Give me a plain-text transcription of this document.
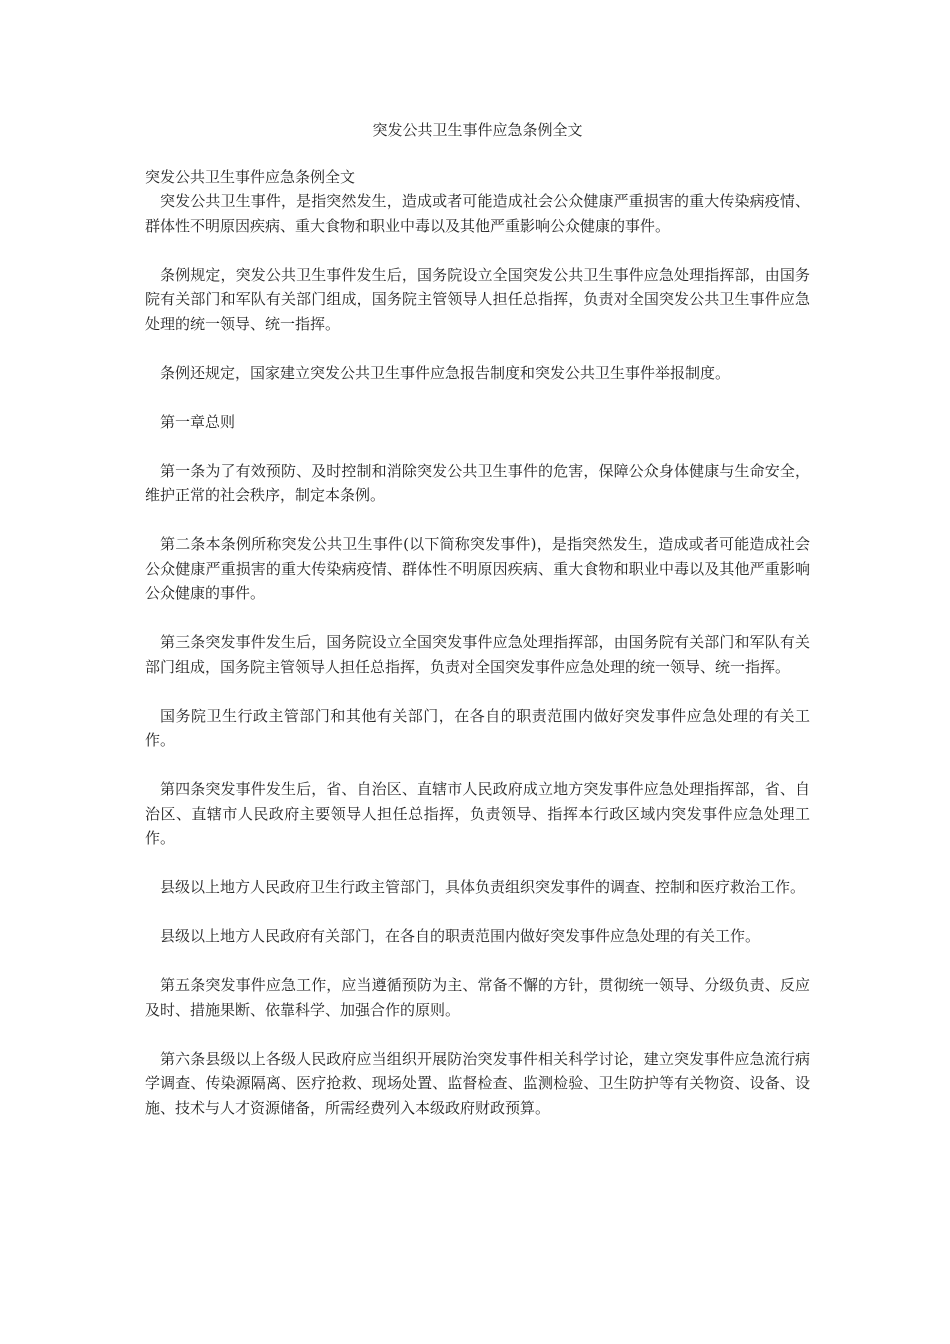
突发公共卫生事件应急条例全文
突发公共卫生事件应急条例全文

突发公共卫生事件，是指突然发生，造成或者可能造成社会公众健康严重损害的重大传染病疫情、群体性不明原因疾病、重大食物和职业中毒以及其他严重影响公众健康的事件。

条例规定，突发公共卫生事件发生后，国务院设立全国突发公共卫生事件应急处理指挥部，由国务院有关部门和军队有关部门组成，国务院主管领导人担任总指挥，负责对全国突发公共卫生事件应急处理的统一领导、统一指挥。

条例还规定，国家建立突发公共卫生事件应急报告制度和突发公共卫生事件举报制度。

第一章总则

第一条为了有效预防、及时控制和消除突发公共卫生事件的危害，保障公众身体健康与生命安全，维护正常的社会秩序，制定本条例。

第二条本条例所称突发公共卫生事件(以下简称突发事件)，是指突然发生，造成或者可能造成社会公众健康严重损害的重大传染病疫情、群体性不明原因疾病、重大食物和职业中毒以及其他严重影响公众健康的事件。

第三条突发事件发生后，国务院设立全国突发事件应急处理指挥部，由国务院有关部门和军队有关部门组成，国务院主管领导人担任总指挥，负责对全国突发事件应急处理的统一领导、统一指挥。

国务院卫生行政主管部门和其他有关部门，在各自的职责范围内做好突发事件应急处理的有关工作。

第四条突发事件发生后，省、自治区、直辖市人民政府成立地方突发事件应急处理指挥部，省、自治区、直辖市人民政府主要领导人担任总指挥，负责领导、指挥本行政区域内突发事件应急处理工作。

县级以上地方人民政府卫生行政主管部门，具体负责组织突发事件的调查、控制和医疗救治工作。

县级以上地方人民政府有关部门，在各自的职责范围内做好突发事件应急处理的有关工作。

第五条突发事件应急工作，应当遵循预防为主、常备不懈的方针，贯彻统一领导、分级负责、反应及时、措施果断、依靠科学、加强合作的原则。

第六条县级以上各级人民政府应当组织开展防治突发事件相关科学讨论，建立突发事件应急流行病学调查、传染源隔离、医疗抢救、现场处置、监督检查、监测检验、卫生防护等有关物资、设备、设施、技术与人才资源储备，所需经费列入本级政府财政预算。
